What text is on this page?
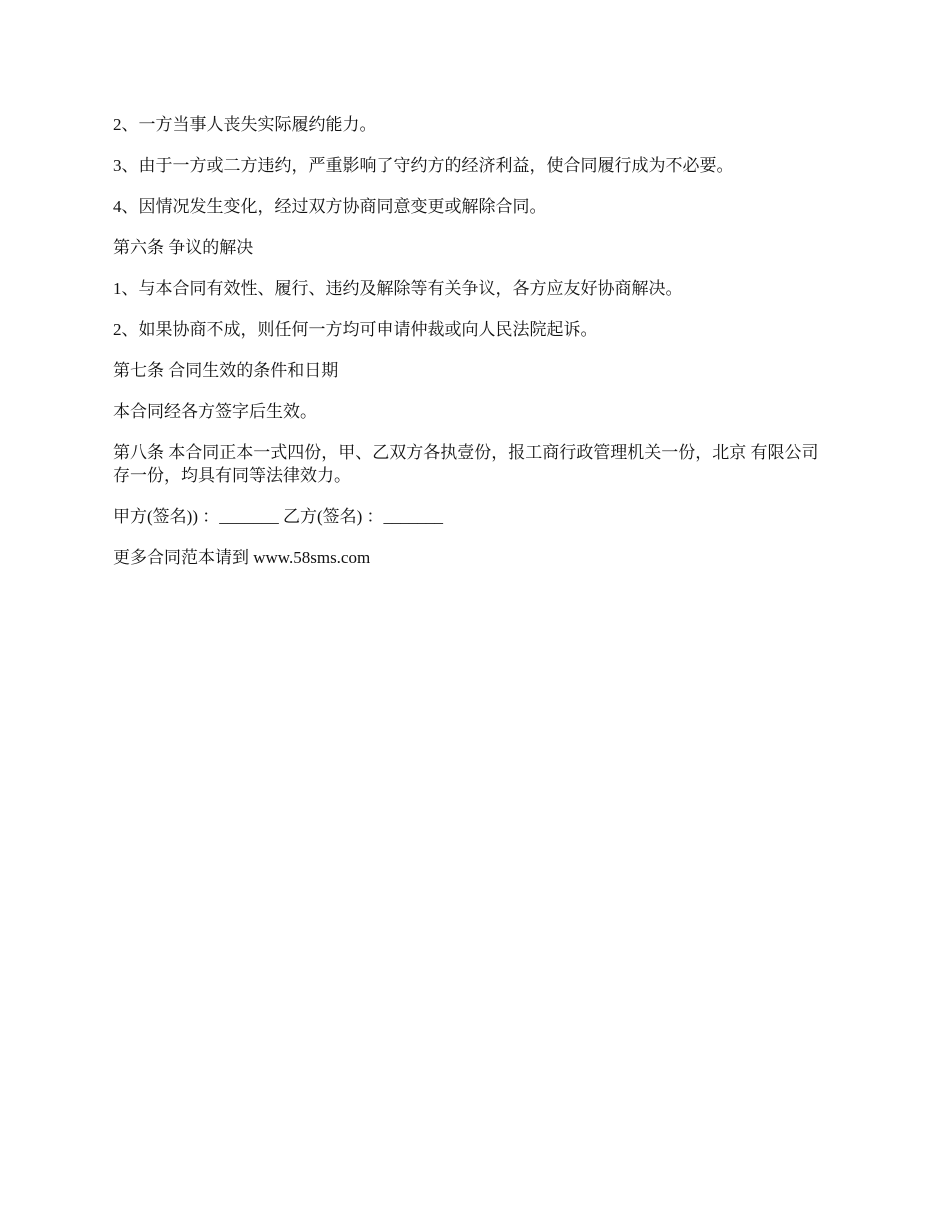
2、一方当事人丧失实际履约能力。

3、由于一方或二方违约，严重影响了守约方的经济利益，使合同履行成为不必要。

4、因情况发生变化，经过双方协商同意变更或解除合同。

第六条 争议的解决

1、与本合同有效性、履行、违约及解除等有关争议，各方应友好协商解决。

2、如果协商不成，则任何一方均可申请仲裁或向人民法院起诉。

第七条 合同生效的条件和日期

本合同经各方签字后生效。

第八条 本合同正本一式四份，甲、乙双方各执壹份，报工商行政管理机关一份，北京 有限公司存一份，均具有同等法律效力。

甲方(签名)) ：_______ 乙方(签名) ：_______

更多合同范本请到 www.58sms.com
